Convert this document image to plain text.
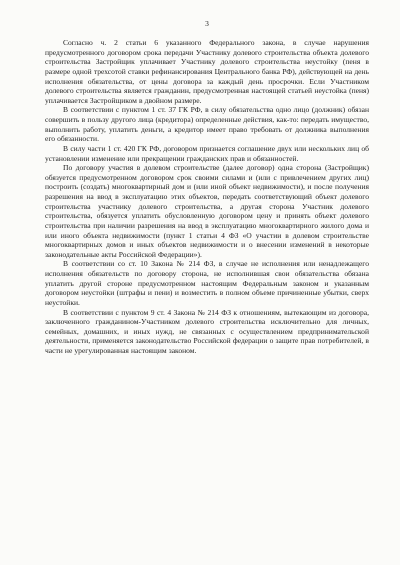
3

Согласно ч. 2 статьи 6 указанного Федерального закона, в случае нарушения предусмотренного договором срока передачи Участнику долевого строительства объекта долевого строительства Застройщик уплачивает Участнику долевого строительства неустойку (пеня в размере одной трехсотой ставки рефинансирования Центрального банка РФ), действующей на день исполнения обязательства, от цены договора за каждый день просрочки. Если Участником долевого строительства является гражданин, предусмотренная настоящей статьей неустойка (пеня) уплачивается Застройщиком в двойном размере.

В соответствии с пунктом 1 ст. 37 ГК РФ, в силу обязательства одно лицо (должник) обязан совершить в пользу другого лица (кредитора) определенные действия, как-то: передать имущество, выполнить работу, уплатить деньги, а кредитор имеет право требовать от должника выполнения его обязанности.

В силу части 1 ст. 420 ГК РФ, договором признается соглашение двух или нескольких лиц об установлении изменение или прекращении гражданских прав и обязанностей.

По договору участия в долевом строительстве (далее договор) одна сторона (Застройщик) обязуется предусмотренном договором срок своими силами и (или с привлечением других лиц) построить (создать) многоквартирный дом и (или иной объект недвижимости), и после получения разрешения на ввод в эксплуатацию этих объектов, передать соответствующий объект долевого строительства участнику долевого строительства, а другая сторона Участник долевого строительства, обязуется уплатить обусловленную договором цену и принять объект долевого строительства при наличии разрешения на ввод в эксплуатацию многоквартирного жилого дома и или иного объекта недвижимости (пункт 1 статьи 4 ФЗ «О участии в долевом строительстве многоквартирных домов и иных объектов недвижимости и о внесении изменений в некоторые законодательные акты Российской Федерации»).

В соответствии со ст. 10 Закона № 214 ФЗ, в случае не исполнения или ненадлежащего исполнения обязательств по договору сторона, не исполнившая свои обязательства обязана уплатить другой стороне предусмотренном настоящим Федеральным законом и указанным договором неустойки (штрафы и пени) и возместить в полном объеме причиненные убытки, сверх неустойки.

В соответствии с пунктом 9 ст. 4 Закона № 214 ФЗ к отношениям, вытекающим из договора, заключенного гражданином-Участником долевого строительства исключительно для личных, семейных, домашних, и иных нужд, не связанных с осуществлением предпринимательской деятельности, применяется законодательство Российской федерации о защите прав потребителей, в части не урегулированная настоящим законом.
